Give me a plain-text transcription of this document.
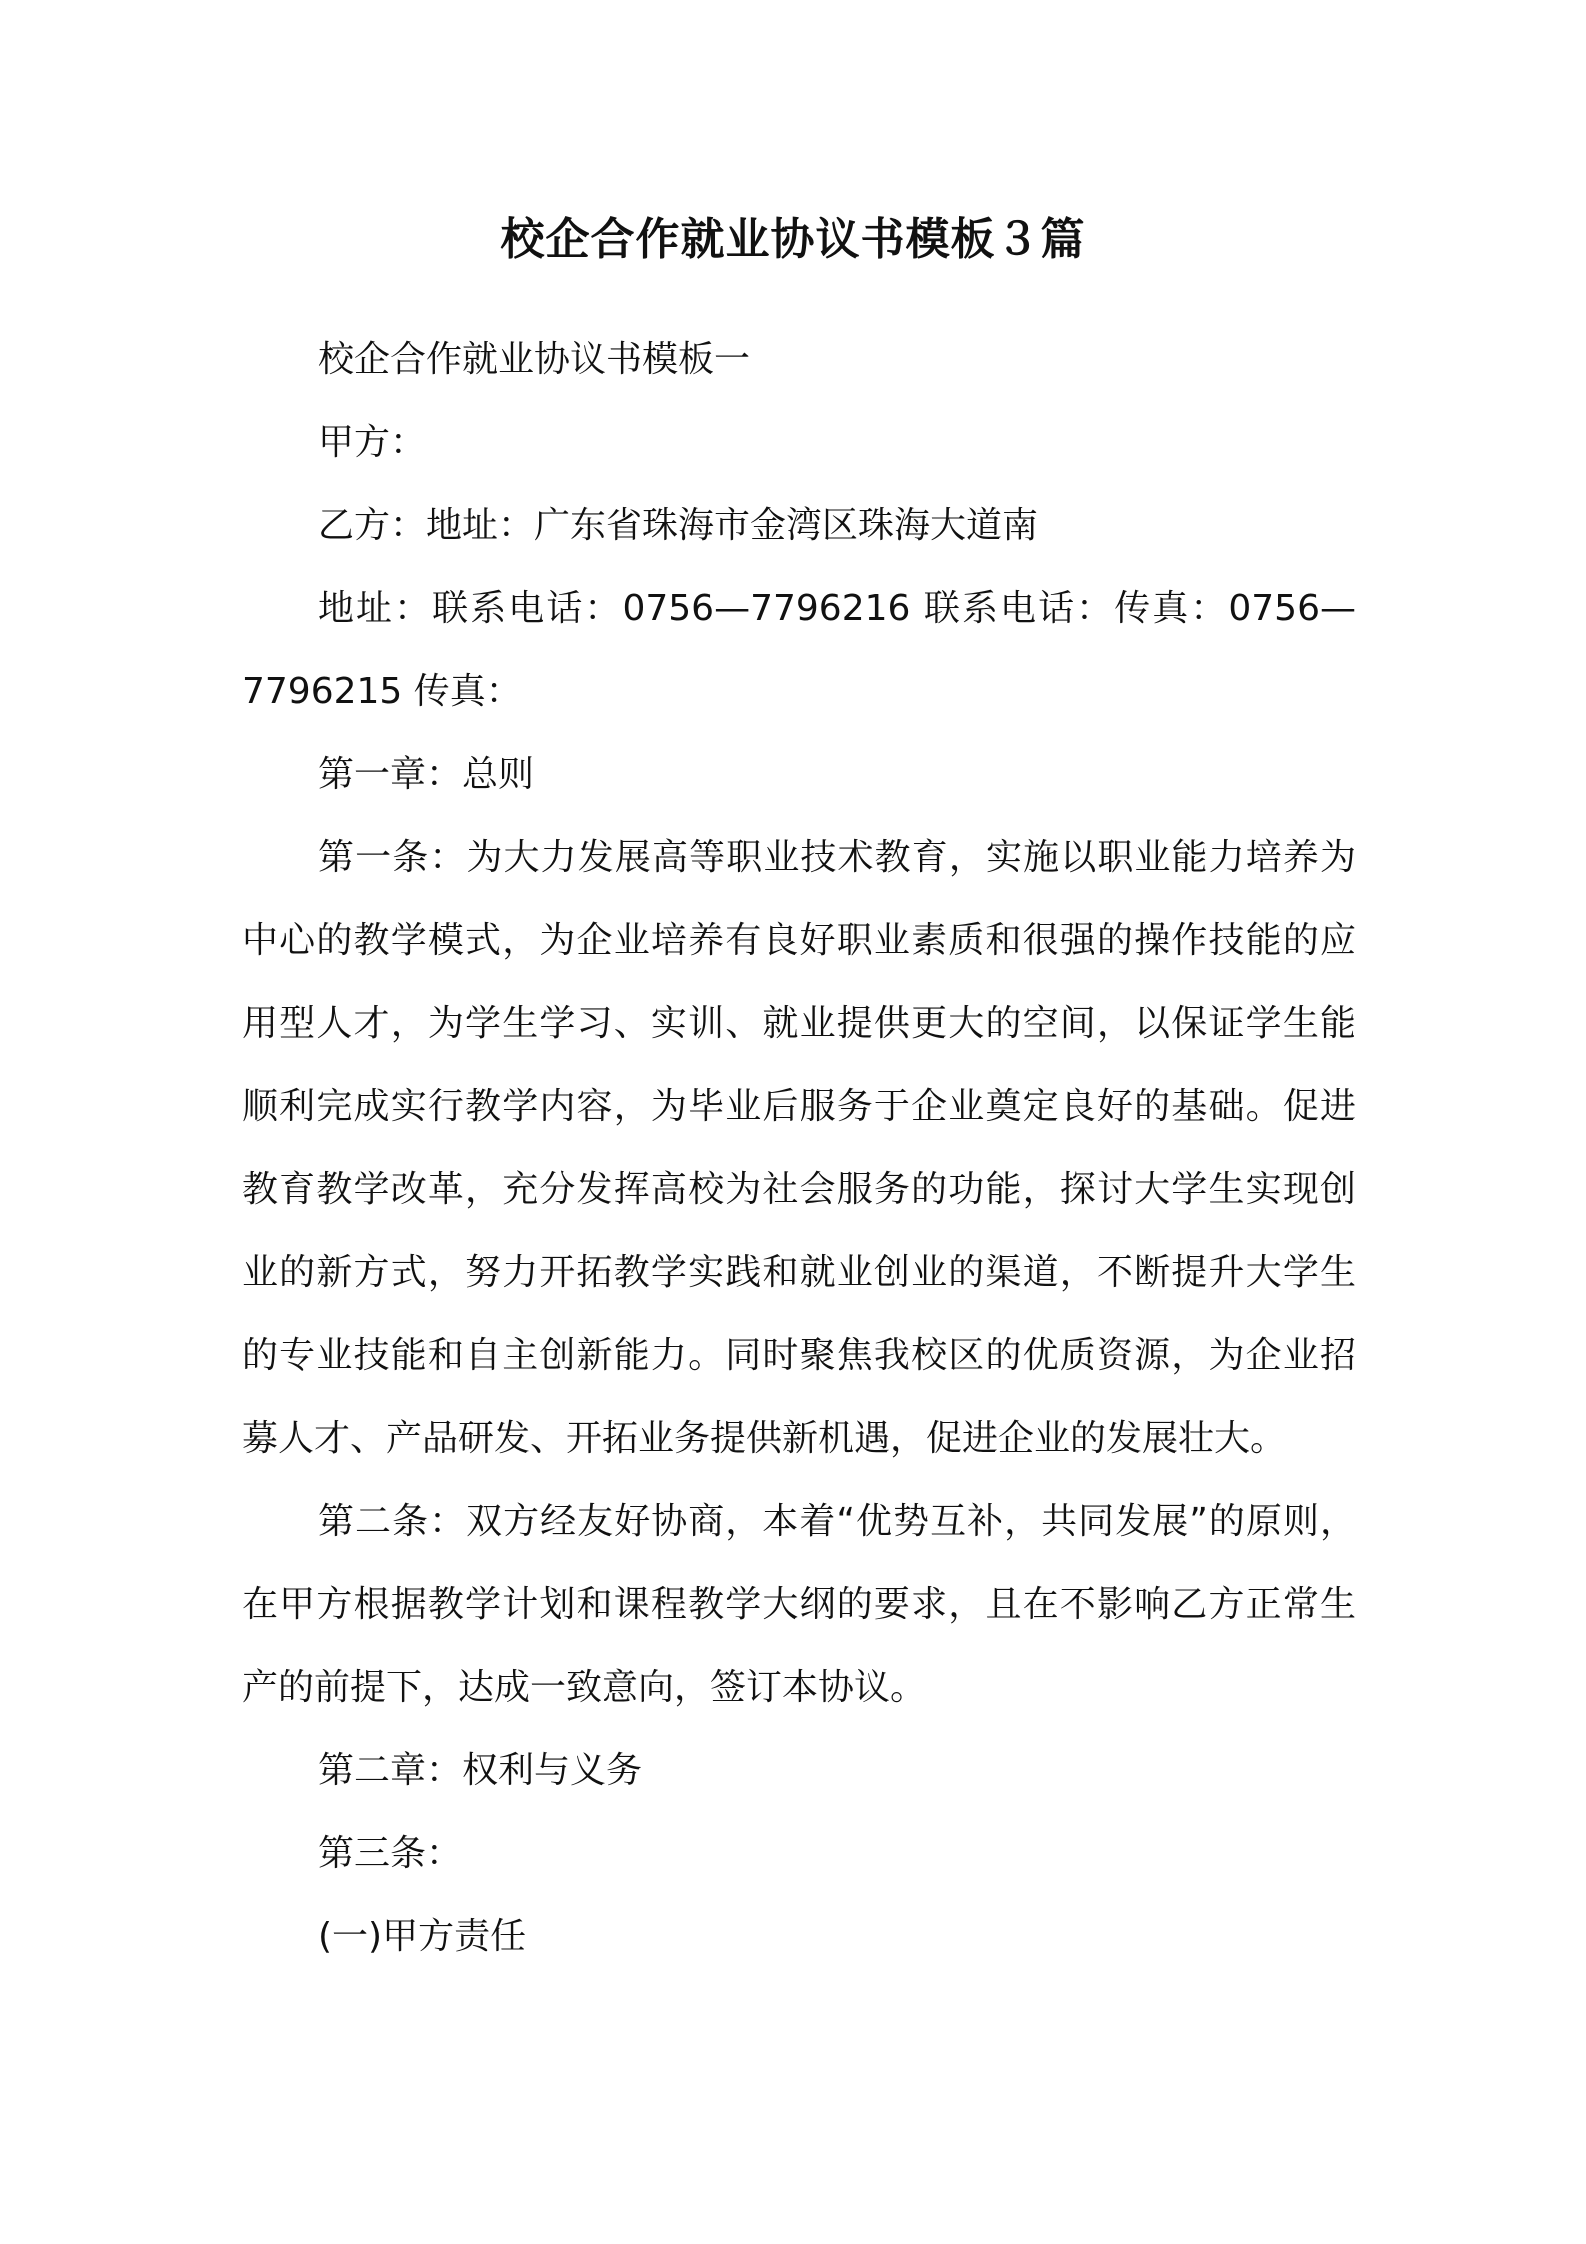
校企合作就业协议书模板３篇

校企合作就业协议书模板一

甲方：

乙方：地址：广东省珠海市金湾区珠海大道南

地址：联系电话：0756—7796216 联系电话：传真：0756—7796215 传真：

第一章：总则

第一条：为大力发展高等职业技术教育，实施以职业能力培养为中心的教学模式，为企业培养有良好职业素质和很强的操作技能的应用型人才，为学生学习、实训、就业提供更大的空间，以保证学生能顺利完成实行教学内容，为毕业后服务于企业奠定良好的基础。促进教育教学改革，充分发挥高校为社会服务的功能，探讨大学生实现创业的新方式，努力开拓教学实践和就业创业的渠道，不断提升大学生的专业技能和自主创新能力。同时聚焦我校区的优质资源，为企业招募人才、产品研发、开拓业务提供新机遇，促进企业的发展壮大。

第二条：双方经友好协商，本着“优势互补，共同发展”的原则，在甲方根据教学计划和课程教学大纲的要求，且在不影响乙方正常生产的前提下，达成一致意向，签订本协议。

第二章：权利与义务

第三条：

(一)甲方责任
